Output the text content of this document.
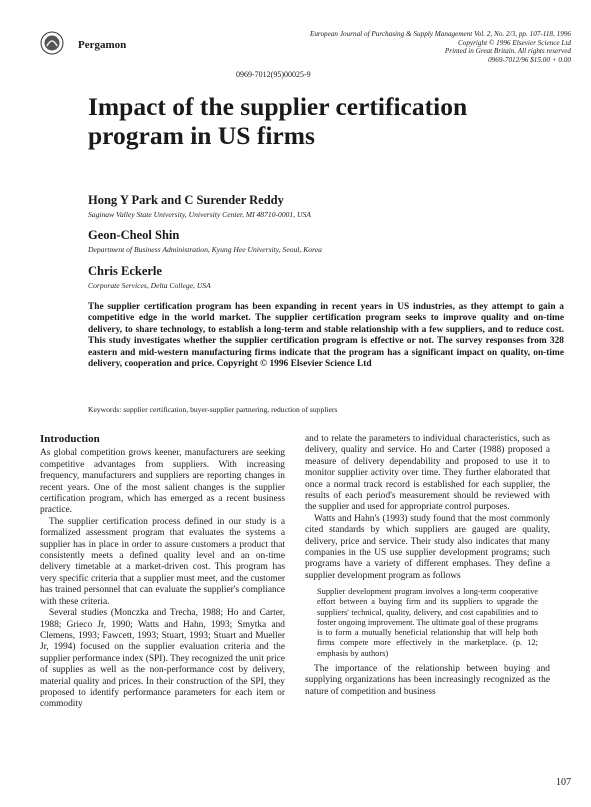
Pergamon
European Journal of Purchasing & Supply Management Vol. 2, No. 2/3, pp. 107-118, 1996
Copyright © 1996 Elsevier Science Ltd
Printed in Great Britain. All rights reserved
0969-7012/96 $15.00 + 0.00
0969-7012(95)00025-9
Impact of the supplier certification program in US firms
Hong Y Park and C Surender Reddy
Saginaw Valley State University, University Center, MI 48710-0001, USA
Geon-Cheol Shin
Department of Business Administration, Kyung Hee University, Seoul, Korea
Chris Eckerle
Corporate Services, Delta College, USA
The supplier certification program has been expanding in recent years in US industries, as they attempt to gain a competitive edge in the world market. The supplier certification program seeks to improve quality and on-time delivery, to share technology, to establish a long-term and stable relationship with a few suppliers, and to reduce cost. This study investigates whether the supplier certification program is effective or not. The survey responses from 328 eastern and mid-western manufacturing firms indicate that the program has a significant impact on quality, on-time delivery, cooperation and price. Copyright © 1996 Elsevier Science Ltd
Keywords: supplier certification, buyer-supplier partnering, reduction of suppliers
Introduction

As global competition grows keener, manufacturers are seeking competitive advantages from suppliers. With increasing frequency, manufacturers and suppliers are reporting changes in recent years. One of the most salient changes is the supplier certification program, which has emerged as a recent business practice.

The supplier certification process defined in our study is a formalized assessment program that evaluates the systems a supplier has in place in order to assure customers a product that consistently meets a defined quality level and an on-time delivery timetable at a market-driven cost. This program has very specific criteria that a supplier must meet, and the customer has trained personnel that can evaluate the supplier's compliance with these criteria.

Several studies (Monczka and Trecha, 1988; Ho and Carter, 1988; Grieco Jr, 1990; Watts and Hahn, 1993; Smytka and Clemens, 1993; Fawcett, 1993; Stuart, 1993; Stuart and Mueller Jr, 1994) focused on the supplier evaluation criteria and the supplier performance index (SPI). They recognized the unit price of supplies as well as the non-performance cost by delivery, material quality and prices. In their construction of the SPI, they proposed to identify performance parameters for each item or commodity

and to relate the parameters to individual characteristics, such as delivery, quality and service. Ho and Carter (1988) proposed a measure of delivery dependability and proposed to use it to monitor supplier activity over time. They further elaborated that once a normal track record is established for each supplier, the results of each period's measurement should be reviewed with the supplier and used for appropriate control purposes.

Watts and Hahn's (1993) study found that the most commonly cited standards by which suppliers are gauged are quality, delivery, price and service. Their study also indicates that many companies in the US use supplier development programs; such programs have a variety of different emphases. They define a supplier development program as follows

Supplier development program involves a long-term cooperative effort between a buying firm and its suppliers to upgrade the suppliers' technical, quality, delivery, and cost capabilities and to foster ongoing improvement. The ultimate goal of these programs is to form a mutually beneficial relationship that will help both firms compete more effectively in the marketplace. (p. 12; emphasis by authors)

The importance of the relationship between buying and supplying organizations has been increasingly recognized as the nature of competition and business

107
